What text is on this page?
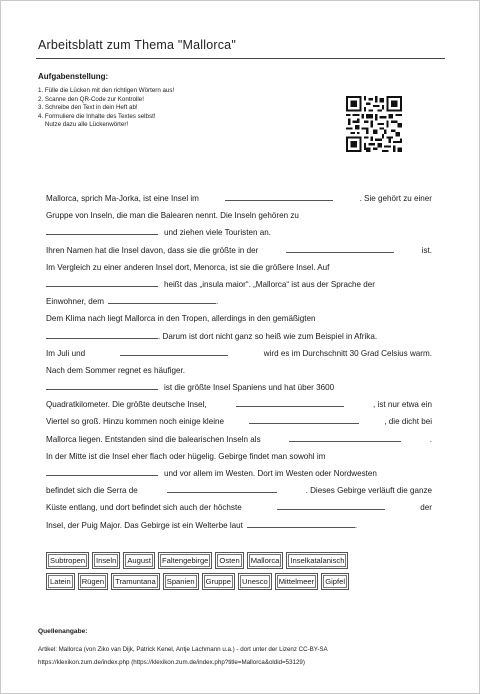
Arbeitsblatt zum Thema "Mallorca"
Aufgabenstellung:
1. Fülle die Lücken mit den richtigen Wörtern aus!
2. Scanne den QR-Code zur Kontrolle!
3. Schreibe den Text in dein Heft ab!
4. Formuliere die Inhalte des Textes selbst!
Nutze dazu alle Lückenwörter!
Mallorca, sprich Ma-Jorka, ist eine Insel im	. Sie gehört zu einer
Gruppe von Inseln, die man die Balearen nennt. Die Inseln gehören zu
und ziehen viele Touristen an.
Ihren Namen hat die Insel davon, dass sie die größte in der	ist.
Im Vergleich zu einer anderen Insel dort, Menorca, ist sie die größere Insel. Auf
heißt das „insula maior“. „Mallorca“ ist aus der Sprache der
Einwohner, dem	.
Dem Klima nach liegt Mallorca in den Tropen, allerdings in den gemäßigten
. Darum ist dort nicht ganz so heiß wie zum Beispiel in Afrika.
Im Juli und	wird es im Durchschnitt 30 Grad Celsius warm.
Nach dem Sommer regnet es häufiger.
ist die größte Insel Spaniens und hat über 3600
Quadratkilometer. Die größte deutsche Insel,	, ist nur etwa ein
Viertel so groß. Hinzu kommen noch einige kleine	, die dicht bei
Mallorca liegen. Entstanden sind die balearischen Inseln als	.
In der Mitte ist die Insel eher flach oder hügelig. Gebirge findet man sowohl im
und vor allem im Westen. Dort im Westen oder Nordwesten
befindet sich die Serra de	. Dieses Gebirge verläuft die ganze
Küste entlang, und dort befindet sich auch der höchste	der
Insel, der Puig Major. Das Gebirge ist ein Welterbe laut	.
Subtropen	Inseln	August	Faltengebirge	Osten	Mallorca	Inselkatalanisch
Latein	Rügen	Tramuntana	Spanien	Gruppe	Unesco	Mittelmeer	Gipfel
Quellenangabe:
Artikel: Mallorca (von Ziko van Dijk, Patrick Kenel, Antje Lachmann u.a.) - dort unter der Lizenz CC-BY-SA
https://klexikon.zum.de/index.php (https://klexikon.zum.de/index.php?title=Mallorca&oldid=53129)
